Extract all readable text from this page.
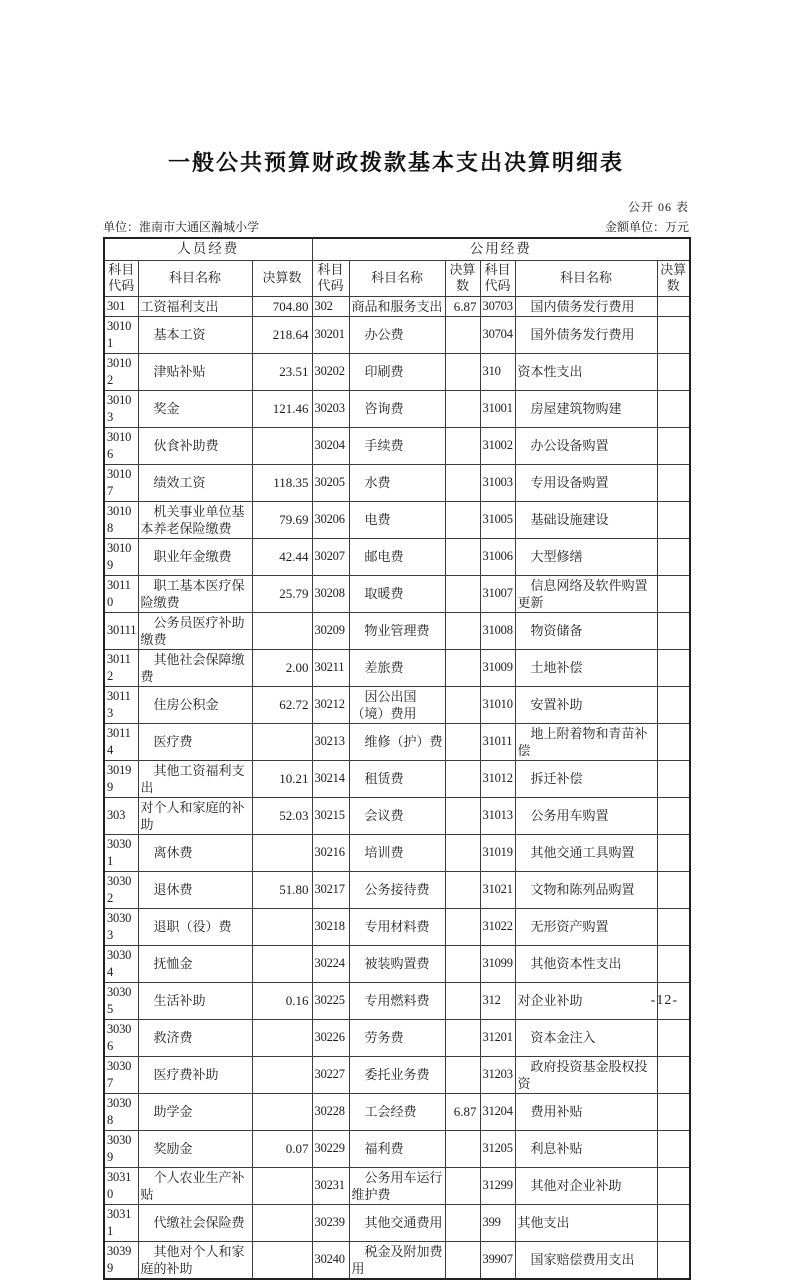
一般公共预算财政拨款基本支出决算明细表
公开 06 表
单位：淮南市大通区瀚城小学	金额单位：万元
人员经费			公用经费					
科目代码	科目名称	决算数	科目代码	科目名称	决算数	科目代码	科目名称	决算数
301	工资福利支出	704.80	302	商品和服务支出	6.87	30703	国内债务发行费用	
30101	基本工资	218.64	30201	办公费		30704	国外债务发行费用	
30102	津贴补贴	23.51	30202	印刷费		310	资本性支出	
30103	奖金	121.46	30203	咨询费		31001	房屋建筑物购建	
30106	伙食补助费		30204	手续费		31002	办公设备购置	
30107	绩效工资	118.35	30205	水费		31003	专用设备购置	
30108	机关事业单位基本养老保险缴费	79.69	30206	电费		31005	基础设施建设	
30109	职业年金缴费	42.44	30207	邮电费		31006	大型修缮	
30110	职工基本医疗保险缴费	25.79	30208	取暖费		31007	信息网络及软件购置更新	
30111	公务员医疗补助缴费		30209	物业管理费		31008	物资储备	
30112	其他社会保障缴费	2.00	30211	差旅费		31009	土地补偿	
30113	住房公积金	62.72	30212	因公出国（境）费用		31010	安置补助	
30114	医疗费		30213	维修（护）费		31011	地上附着物和青苗补偿	
30199	其他工资福利支出	10.21	30214	租赁费		31012	拆迁补偿	
303	对个人和家庭的补助	52.03	30215	会议费		31013	公务用车购置	
30301	离休费		30216	培训费		31019	其他交通工具购置	
30302	退休费	51.80	30217	公务接待费		31021	文物和陈列品购置	
30303	退职（役）费		30218	专用材料费		31022	无形资产购置	
30304	抚恤金		30224	被装购置费		31099	其他资本性支出	
30305	生活补助	0.16	30225	专用燃料费		312	对企业补助	
30306	救济费		30226	劳务费		31201	资本金注入	
30307	医疗费补助		30227	委托业务费		31203	政府投资基金股权投资	
30308	助学金		30228	工会经费	6.87	31204	费用补贴	
30309	奖励金	0.07	30229	福利费		31205	利息补贴	
30310	个人农业生产补贴		30231	公务用车运行维护费		31299	其他对企业补助	
30311	代缴社会保险费		30239	其他交通费用		399	其他支出	
30399	其他对个人和家庭的补助		30240	税金及附加费用		39907	国家赔偿费用支出	
-12-
